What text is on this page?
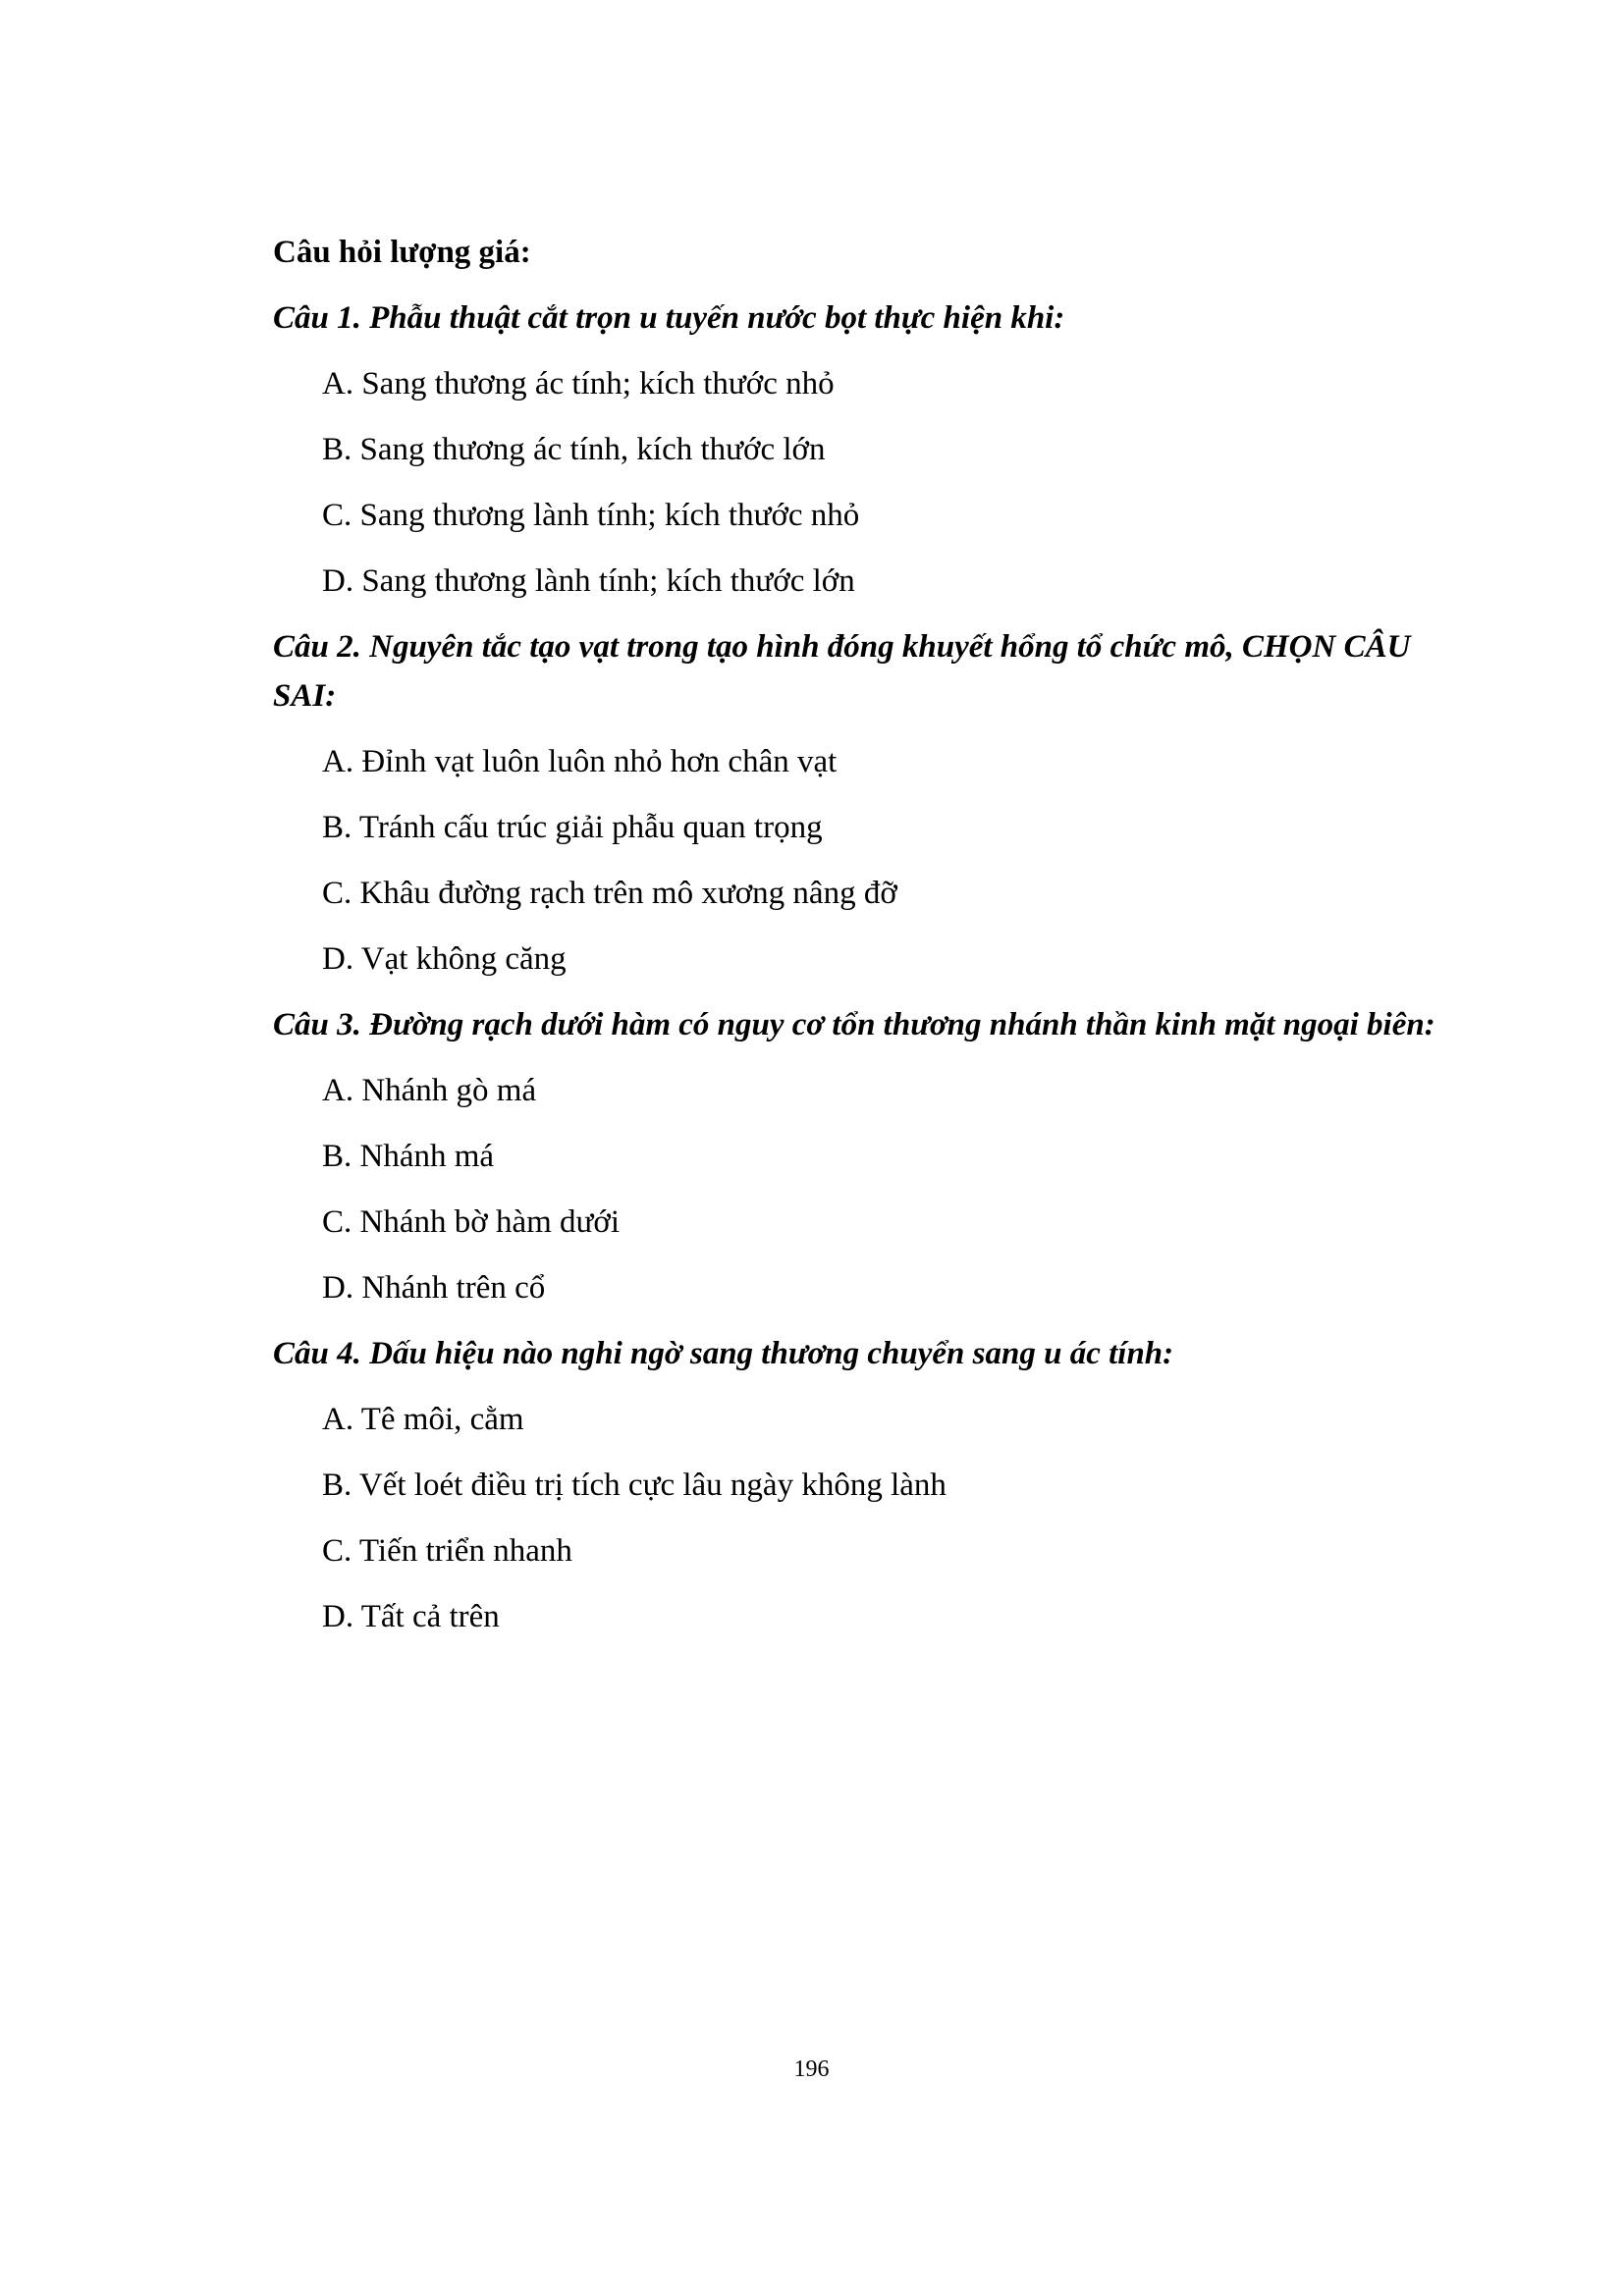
Câu hỏi lượng giá:
Câu 1. Phẫu thuật cắt trọn u tuyến nước bọt thực hiện khi:
A. Sang thương ác tính; kích thước nhỏ
B. Sang thương ác tính, kích thước lớn
C. Sang thương lành tính; kích thước nhỏ
D. Sang thương lành tính; kích thước lớn
Câu 2. Nguyên tắc tạo vạt trong tạo hình đóng khuyết hổng tổ chức mô, CHỌN CÂU SAI:
A. Đỉnh vạt luôn luôn nhỏ hơn chân vạt
B. Tránh cấu trúc giải phẫu quan trọng
C. Khâu đường rạch trên mô xương nâng đỡ
D. Vạt không căng
Câu 3. Đường rạch dưới hàm có nguy cơ tổn thương nhánh thần kinh mặt ngoại biên:
A. Nhánh gò má
B. Nhánh má
C. Nhánh bờ hàm dưới
D. Nhánh trên cổ
Câu 4. Dấu hiệu nào nghi ngờ sang thương chuyển sang u ác tính:
A. Tê môi, cằm
B. Vết loét điều trị tích cực lâu ngày không lành
C. Tiến triển nhanh
D. Tất cả trên
196
